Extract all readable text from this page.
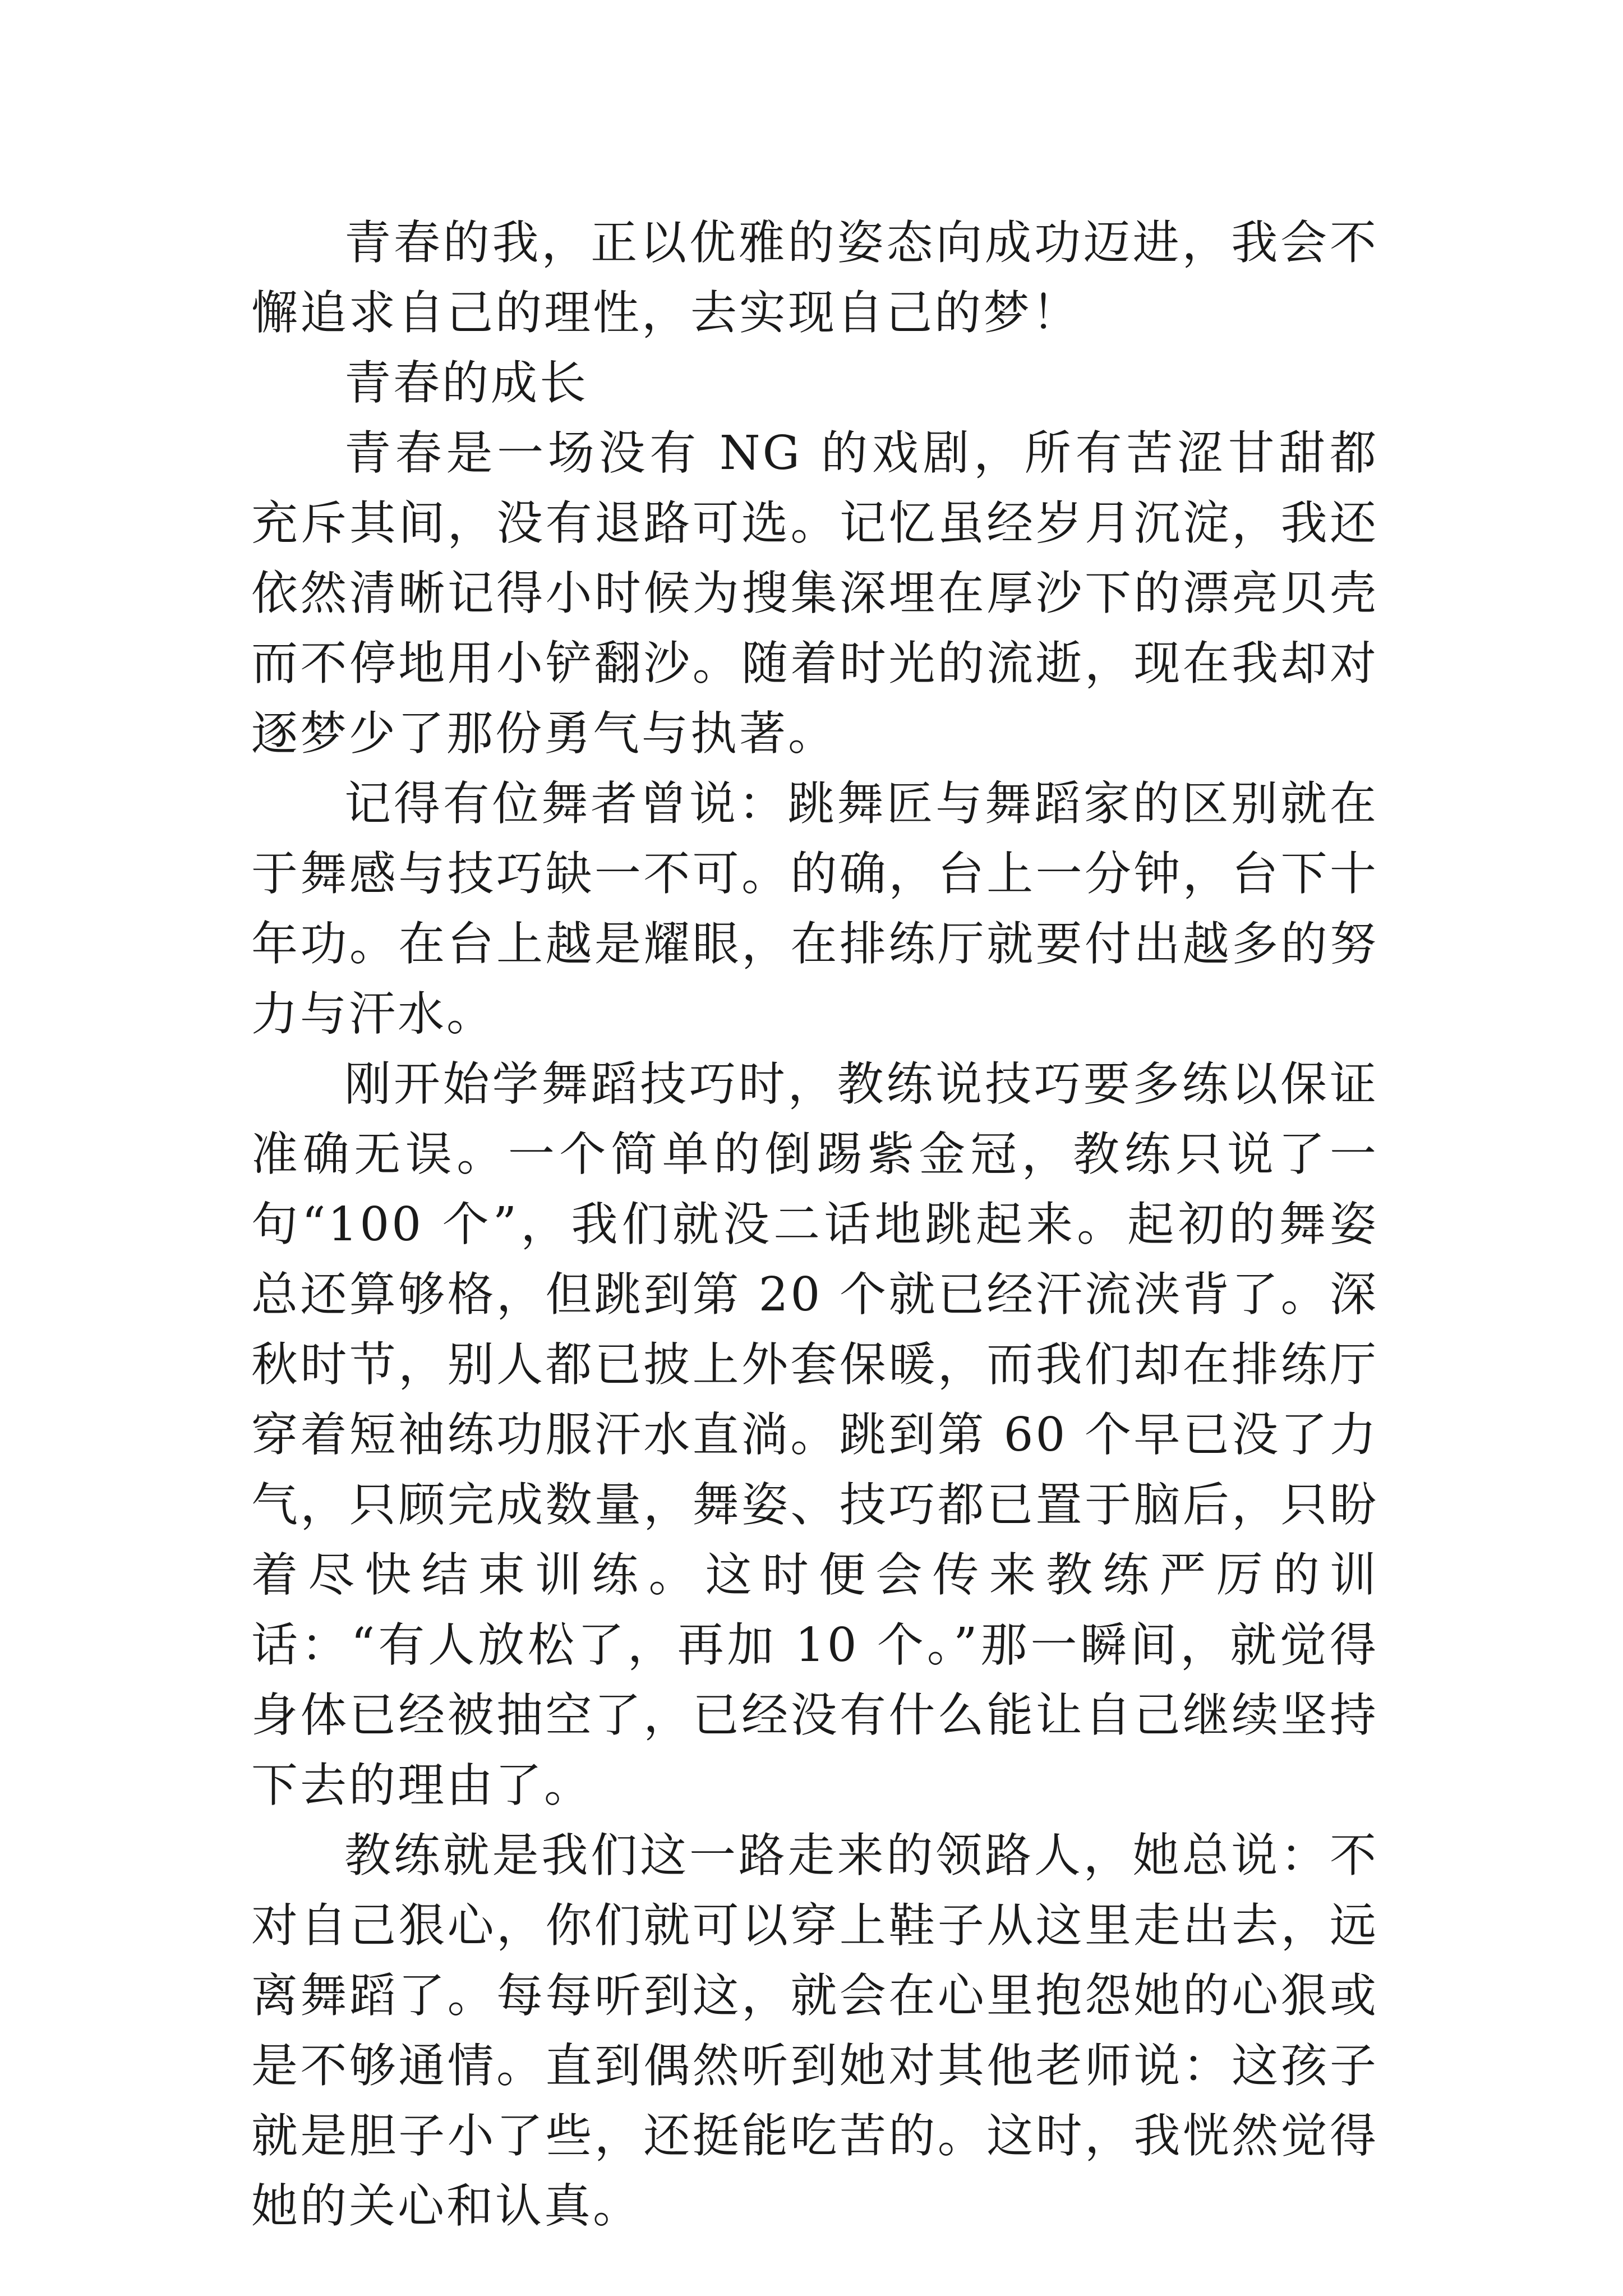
青春的我，正以优雅的姿态向成功迈进，我会不懈追求自己的理性，去实现自己的梦！

青春的成长

青春是一场没有 NG 的戏剧，所有苦涩甘甜都充斥其间，没有退路可选。记忆虽经岁月沉淀，我还依然清晰记得小时候为搜集深埋在厚沙下的漂亮贝壳而不停地用小铲翻沙。随着时光的流逝，现在我却对逐梦少了那份勇气与执著。

记得有位舞者曾说：跳舞匠与舞蹈家的区别就在于舞感与技巧缺一不可。的确，台上一分钟，台下十年功。在台上越是耀眼，在排练厅就要付出越多的努力与汗水。

刚开始学舞蹈技巧时，教练说技巧要多练以保证准确无误。一个简单的倒踢紫金冠，教练只说了一句“100 个”，我们就没二话地跳起来。起初的舞姿总还算够格，但跳到第 20 个就已经汗流浃背了。深秋时节，别人都已披上外套保暖，而我们却在排练厅穿着短袖练功服汗水直淌。跳到第 60 个早已没了力气，只顾完成数量，舞姿、技巧都已置于脑后，只盼着尽快结束训练。这时便会传来教练严厉的训话：“有人放松了，再加 10 个。”那一瞬间，就觉得身体已经被抽空了，已经没有什么能让自己继续坚持下去的理由了。

教练就是我们这一路走来的领路人，她总说：不对自己狠心，你们就可以穿上鞋子从这里走出去，远离舞蹈了。每每听到这，就会在心里抱怨她的心狠或是不够通情。直到偶然听到她对其他老师说：这孩子就是胆子小了些，还挺能吃苦的。这时，我恍然觉得她的关心和认真。
